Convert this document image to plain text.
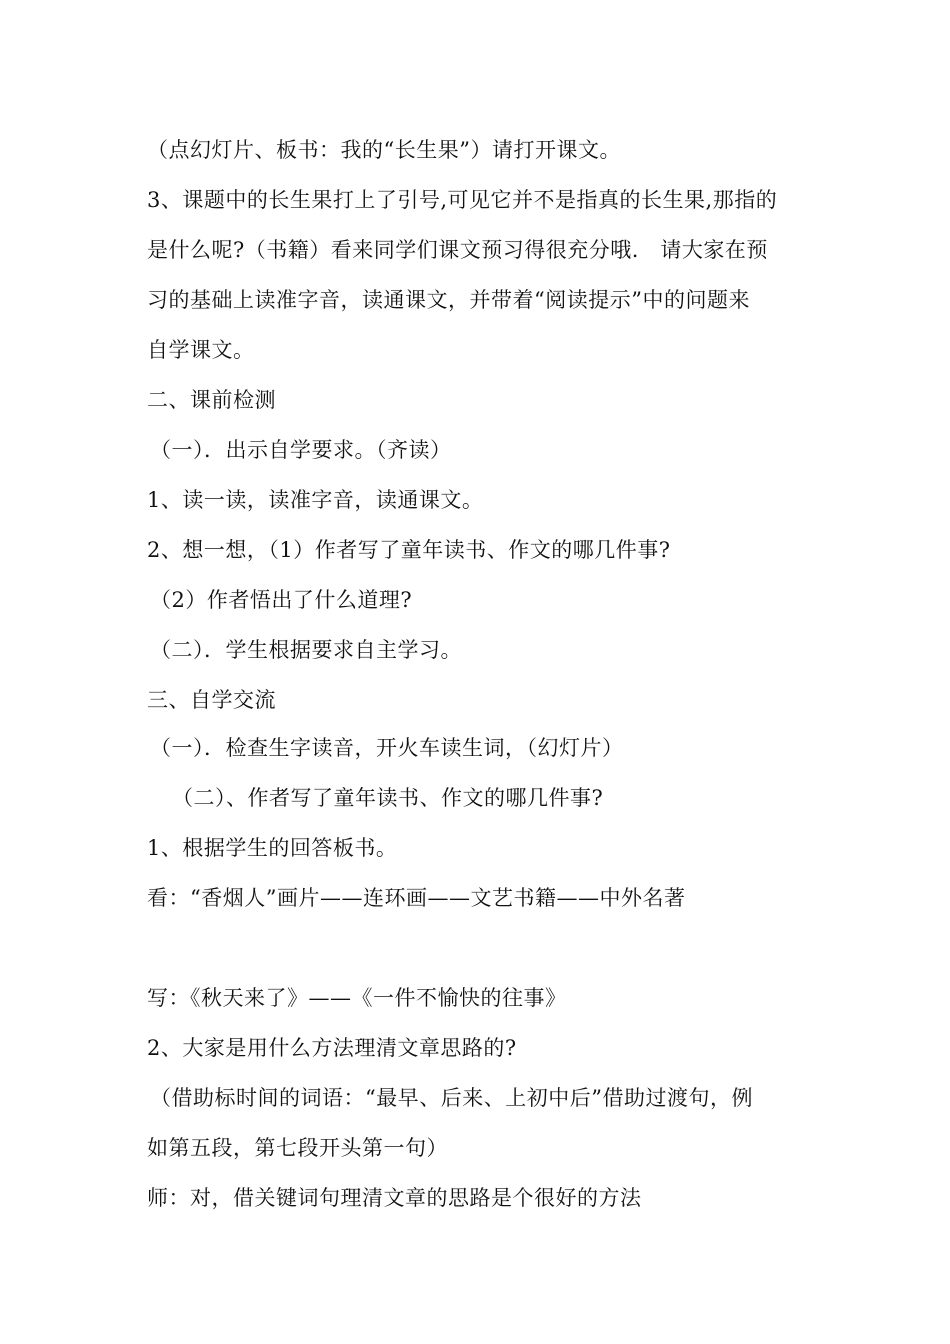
（点幻灯片、板书：我的“长生果”）请打开课文。
3、课题中的长生果打上了引号,可见它并不是指真的长生果,那指的
是什么呢?（书籍）看来同学们课文预习得很充分哦.　请大家在预
习的基础上读准字音，读通课文，并带着“阅读提示”中的问题来
自学课文。
二、课前检测
（一）．出示自学要求。（齐读）
1、读一读，读准字音，读通课文。
2、想一想，（1）作者写了童年读书、作文的哪几件事?
（2）作者悟出了什么道理?
（二）．学生根据要求自主学习。
三、自学交流
（一）．检查生字读音，开火车读生词，（幻灯片）
（二）、作者写了童年读书、作文的哪几件事?
1、根据学生的回答板书。
看：“香烟人”画片——连环画——文艺书籍——中外名著
写：《秋天来了》——《一件不愉快的往事》
2、大家是用什么方法理清文章思路的?
（借助标时间的词语：“最早、后来、上初中后”借助过渡句，例
如第五段，第七段开头第一句）
师：对，借关键词句理清文章的思路是个很好的方法
